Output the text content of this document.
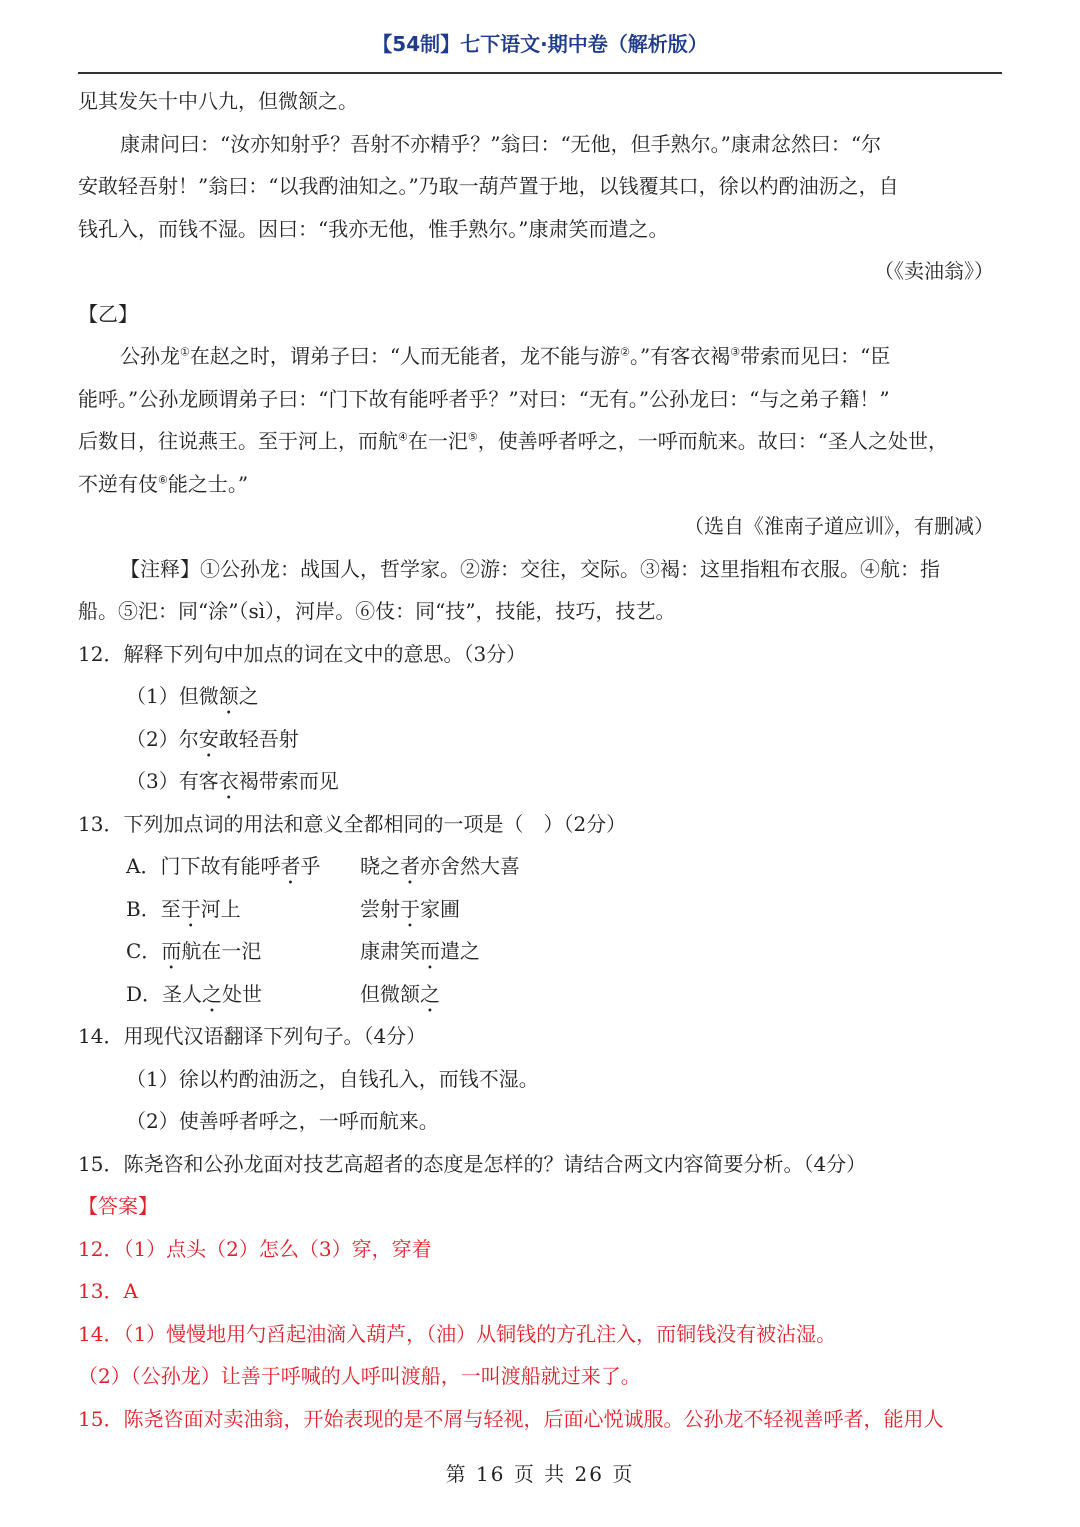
【54制】七下语文·期中卷（解析版）
见其发矢十中八九，但微颔之。
康肃问曰：“汝亦知射乎？吾射不亦精乎？”翁曰：“无他，但手熟尔。”康肃忿然曰：“尔
安敢轻吾射！”翁曰：“以我酌油知之。”乃取一葫芦置于地，以钱覆其口，徐以杓酌油沥之，自
钱孔入，而钱不湿。因曰：“我亦无他，惟手熟尔。”康肃笑而遣之。
（《卖油翁》）
【乙】
公孙龙①在赵之时，谓弟子曰：“人而无能者，龙不能与游②。”有客衣褐③带索而见曰：“臣
能呼。”公孙龙顾谓弟子曰：“门下故有能呼者乎？”对曰：“无有。”公孙龙曰：“与之弟子籍！”
后数日，往说燕王。至于河上，而航④在一汜⑤，使善呼者呼之，一呼而航来。故曰：“圣人之处世，
不逆有伎⑥能之士。”
（选自《淮南子道应训》，有删减）
【注释】①公孙龙：战国人，哲学家。②游：交往，交际。③褐：这里指粗布衣服。④航：指
船。⑤汜：同“涂”（sì），河岸。⑥伎：同“技”，技能，技巧，技艺。
12．解释下列句中加点的词在文中的意思。（3分）
（1）但微颔之
（2）尔安敢轻吾射
（3）有客衣褐带索而见
13．下列加点词的用法和意义全都相同的一项是（　）（2分）
A．门下故有能呼者乎 晓之者亦舍然大喜
B．至于河上	尝射于家圃
C．而航在一汜	康肃笑而遣之
D．圣人之处世	但微颔之
14．用现代汉语翻译下列句子。（4分）
（1）徐以杓酌油沥之，自钱孔入，而钱不湿。
（2）使善呼者呼之，一呼而航来。
15．陈尧咨和公孙龙面对技艺高超者的态度是怎样的？请结合两文内容简要分析。（4分）
【答案】
12．（1）点头（2）怎么（3）穿，穿着
13．A
14．（1）慢慢地用勺舀起油滴入葫芦，（油）从铜钱的方孔注入，而铜钱没有被沾湿。
（2）（公孙龙）让善于呼喊的人呼叫渡船，一叫渡船就过来了。
15．陈尧咨面对卖油翁，开始表现的是不屑与轻视，后面心悦诚服。公孙龙不轻视善呼者，能用人
第 16 页 共 26 页
